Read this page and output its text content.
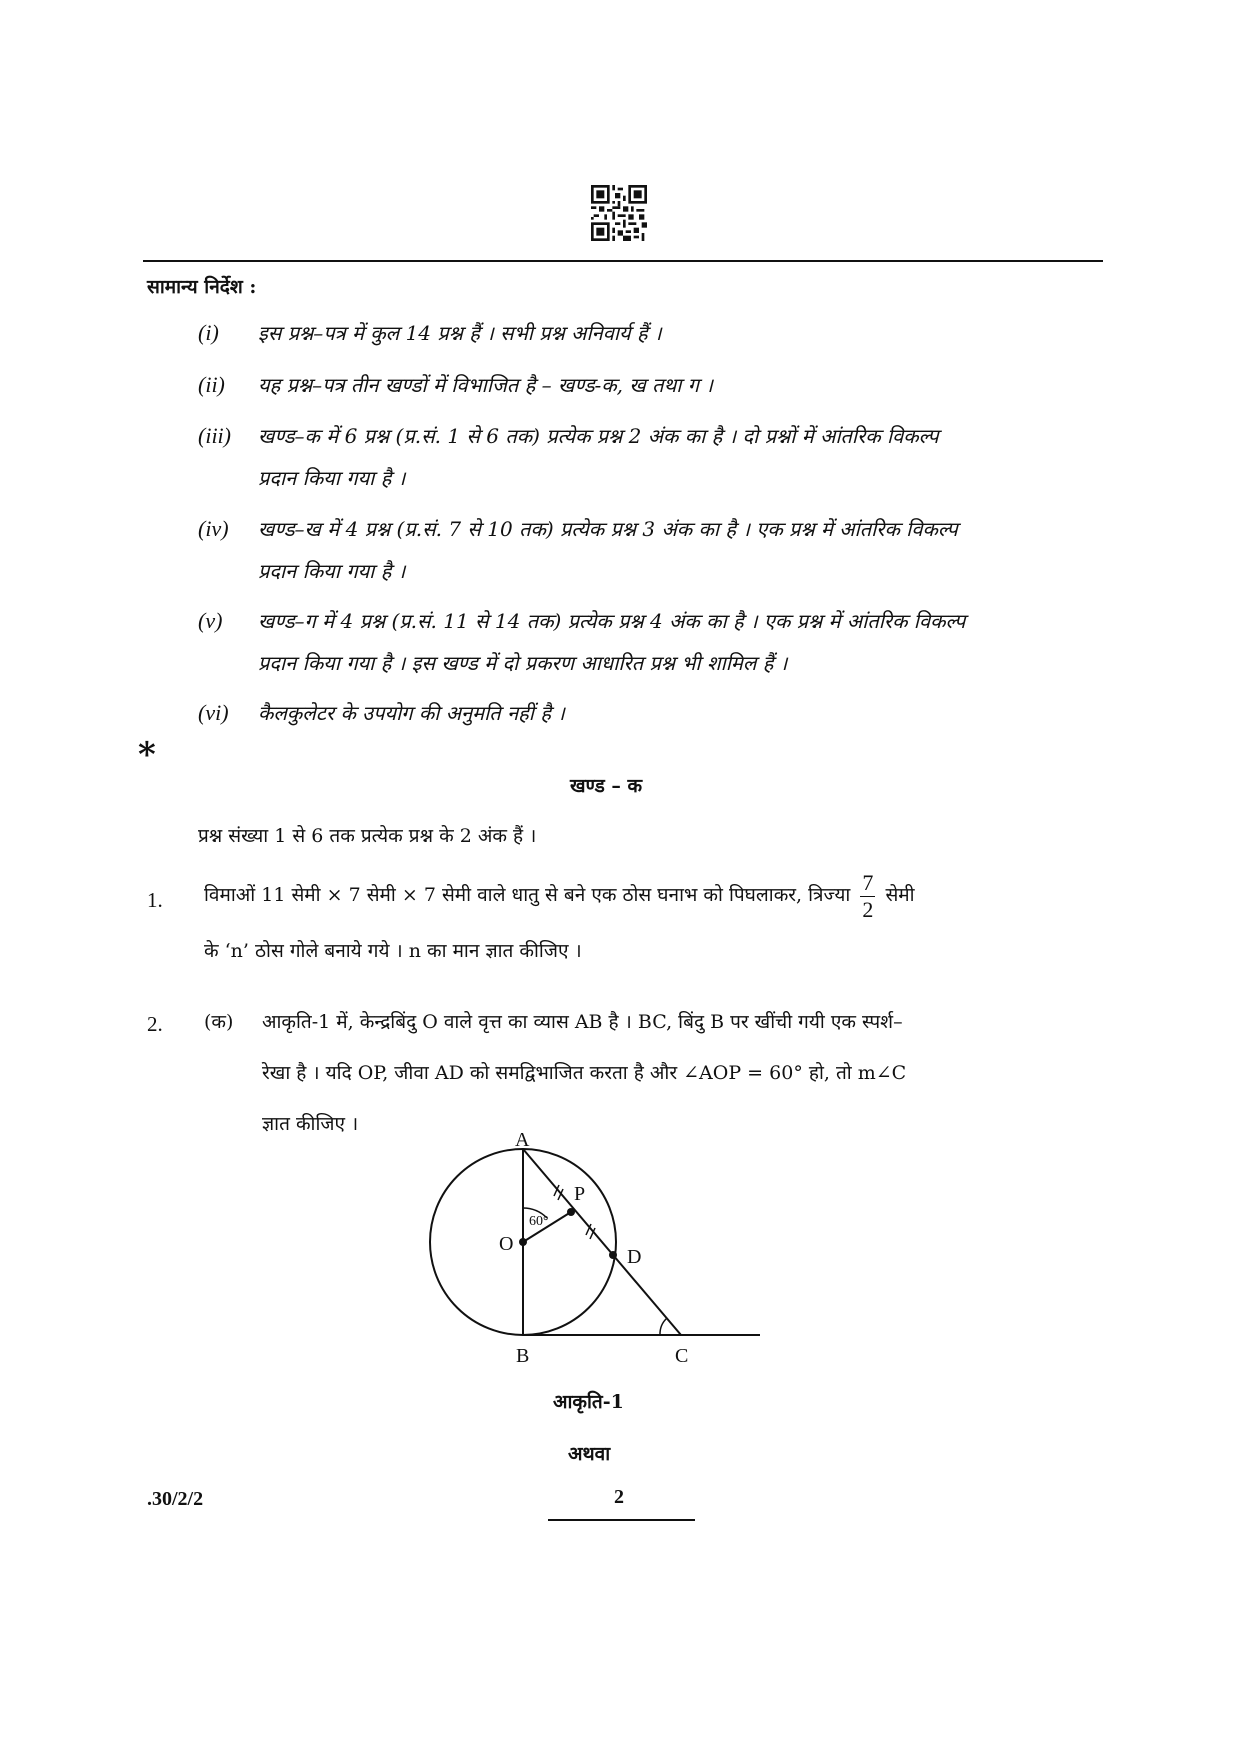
सामान्य निर्देश :
(i) इस प्रश्न–पत्र में कुल 14 प्रश्न हैं । सभी प्रश्न अनिवार्य हैं ।
(ii) यह प्रश्न–पत्र तीन खण्डों में विभाजित है – खण्ड-क, ख तथा ग ।
(iii) खण्ड–क में 6 प्रश्न (प्र.सं. 1 से 6 तक) प्रत्येक प्रश्न 2 अंक का है । दो प्रश्नों में आंतरिक विकल्प
प्रदान किया गया है ।
(iv) खण्ड–ख में 4 प्रश्न (प्र.सं. 7 से 10 तक) प्रत्येक प्रश्न 3 अंक का है । एक प्रश्न में आंतरिक विकल्प
प्रदान किया गया है ।
(v) खण्ड–ग में 4 प्रश्न (प्र.सं. 11 से 14 तक) प्रत्येक प्रश्न 4 अंक का है । एक प्रश्न में आंतरिक विकल्प
प्रदान किया गया है । इस खण्ड में दो प्रकरण आधारित प्रश्न भी शामिल हैं ।
(vi) कैलकुलेटर के उपयोग की अनुमति नहीं है ।
*
खण्ड – क
प्रश्न संख्या 1 से 6 तक प्रत्येक प्रश्न के 2 अंक हैं ।
1. विमाओं 11 सेमी × 7 सेमी × 7 सेमी वाले धातु से बने एक ठोस घनाभ को पिघलाकर, त्रिज्या $\frac{7}{2}$ सेमी
के ‘n’ ठोस गोले बनाये गये । n का मान ज्ञात कीजिए ।
2. (क) आकृति-1 में, केन्द्रबिंदु O वाले वृत्त का व्यास AB है । BC, बिंदु B पर खींची गयी एक स्पर्श–
रेखा है । यदि OP, जीवा AD को समद्विभाजित करता है और ∠AOP = 60° हो, तो m∠C
ज्ञात कीजिए ।
A
B	C
D
O
P
60°
आकृति-1
अथवा
.30/2/2	2
